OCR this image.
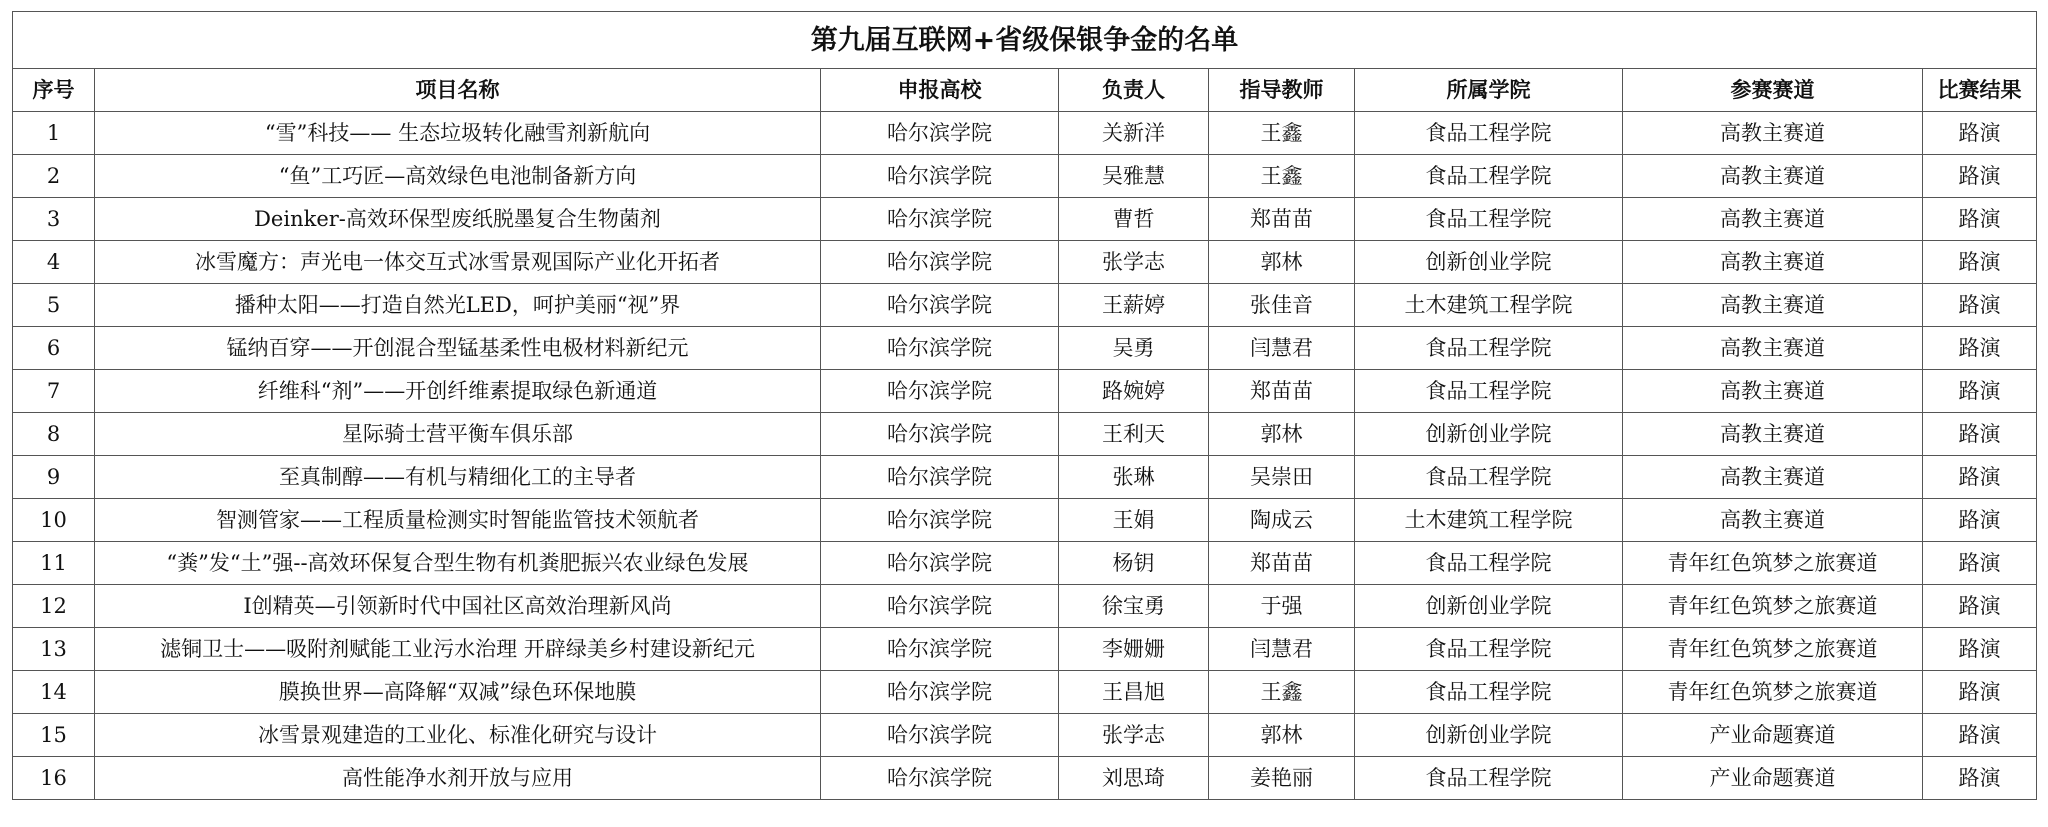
第九届互联网+省级保银争金的名单							
序号	项目名称	申报高校	负责人	指导教师	所属学院	参赛赛道	比赛结果
1	“雪”科技—— 生态垃圾转化融雪剂新航向	哈尔滨学院	关新洋	王鑫	食品工程学院	高教主赛道	路演
2	“鱼”工巧匠—高效绿色电池制备新方向	哈尔滨学院	吴雅慧	王鑫	食品工程学院	高教主赛道	路演
3	Deinker-高效环保型废纸脱墨复合生物菌剂	哈尔滨学院	曹哲	郑苗苗	食品工程学院	高教主赛道	路演
4	冰雪魔方：声光电一体交互式冰雪景观国际产业化开拓者	哈尔滨学院	张学志	郭林	创新创业学院	高教主赛道	路演
5	播种太阳——打造自然光LED，呵护美丽“视”界	哈尔滨学院	王薪婷	张佳音	土木建筑工程学院	高教主赛道	路演
6	锰纳百穿——开创混合型锰基柔性电极材料新纪元	哈尔滨学院	吴勇	闫慧君	食品工程学院	高教主赛道	路演
7	纤维科“剂”——开创纤维素提取绿色新通道	哈尔滨学院	路婉婷	郑苗苗	食品工程学院	高教主赛道	路演
8	星际骑士营平衡车俱乐部	哈尔滨学院	王利天	郭林	创新创业学院	高教主赛道	路演
9	至真制醇——有机与精细化工的主导者	哈尔滨学院	张琳	吴崇田	食品工程学院	高教主赛道	路演
10	智测管家——工程质量检测实时智能监管技术领航者	哈尔滨学院	王娟	陶成云	土木建筑工程学院	高教主赛道	路演
11	“粪”发“土”强--高效环保复合型生物有机粪肥振兴农业绿色发展	哈尔滨学院	杨钥	郑苗苗	食品工程学院	青年红色筑梦之旅赛道	路演
12	I创精英—引领新时代中国社区高效治理新风尚	哈尔滨学院	徐宝勇	于强	创新创业学院	青年红色筑梦之旅赛道	路演
13	滤铜卫士——吸附剂赋能工业污水治理 开辟绿美乡村建设新纪元	哈尔滨学院	李姗姗	闫慧君	食品工程学院	青年红色筑梦之旅赛道	路演
14	膜换世界—高降解“双减”绿色环保地膜	哈尔滨学院	王昌旭	王鑫	食品工程学院	青年红色筑梦之旅赛道	路演
15	冰雪景观建造的工业化、标准化研究与设计	哈尔滨学院	张学志	郭林	创新创业学院	产业命题赛道	路演
16	高性能净水剂开放与应用	哈尔滨学院	刘思琦	姜艳丽	食品工程学院	产业命题赛道	路演
